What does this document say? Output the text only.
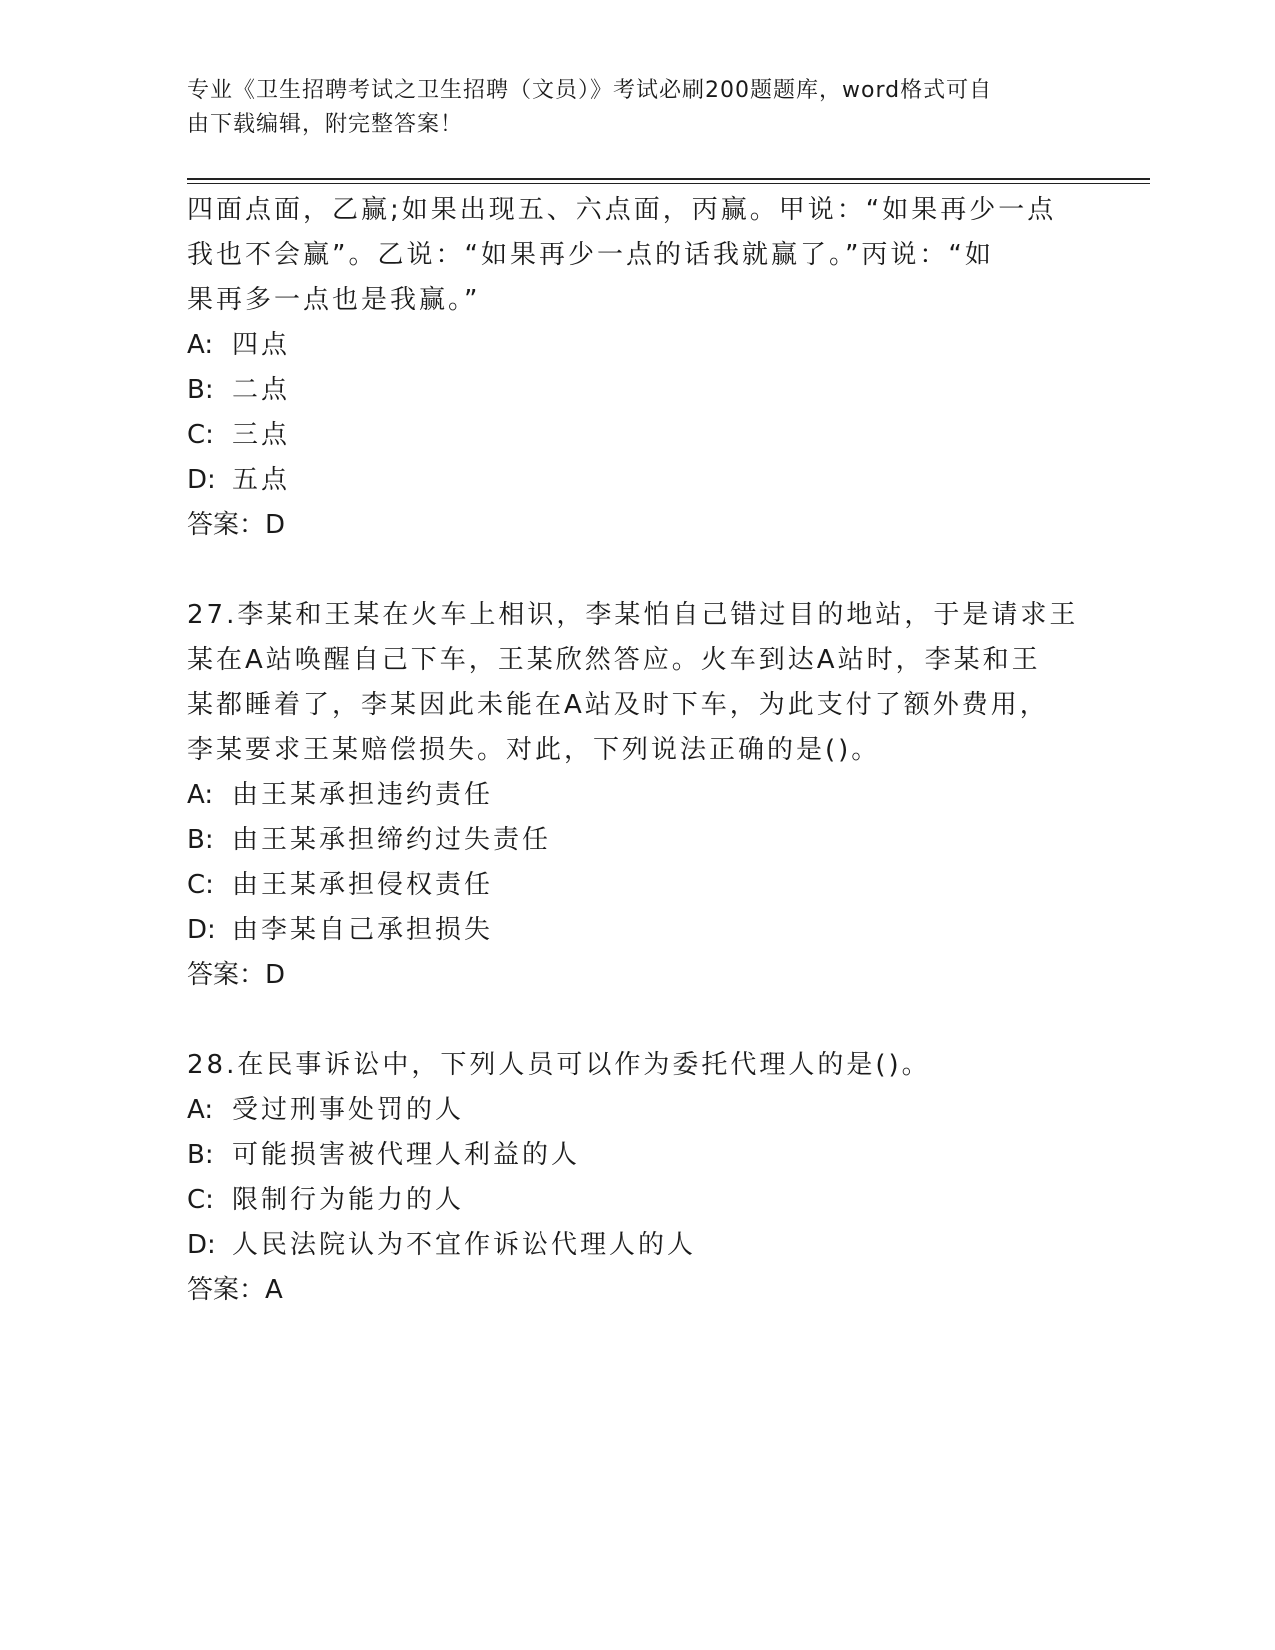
专业《卫生招聘考试之卫生招聘（文员）》考试必刷200题题库，word格式可自
由下载编辑，附完整答案！
四面点面，乙赢;如果出现五、六点面，丙赢。甲说：“如果再少一点
我也不会赢”。乙说：“如果再少一点的话我就赢了。”丙说：“如
果再多一点也是我赢。”
A: 四点
B: 二点
C: 三点
D: 五点
答案：D
27.李某和王某在火车上相识，李某怕自己错过目的地站，于是请求王
某在A站唤醒自己下车，王某欣然答应。火车到达A站时，李某和王
某都睡着了，李某因此未能在A站及时下车，为此支付了额外费用，
李某要求王某赔偿损失。对此，下列说法正确的是()。
A: 由王某承担违约责任
B: 由王某承担缔约过失责任
C: 由王某承担侵权责任
D: 由李某自己承担损失
答案：D
28.在民事诉讼中，下列人员可以作为委托代理人的是()。
A: 受过刑事处罚的人
B: 可能损害被代理人利益的人
C: 限制行为能力的人
D: 人民法院认为不宜作诉讼代理人的人
答案：A
